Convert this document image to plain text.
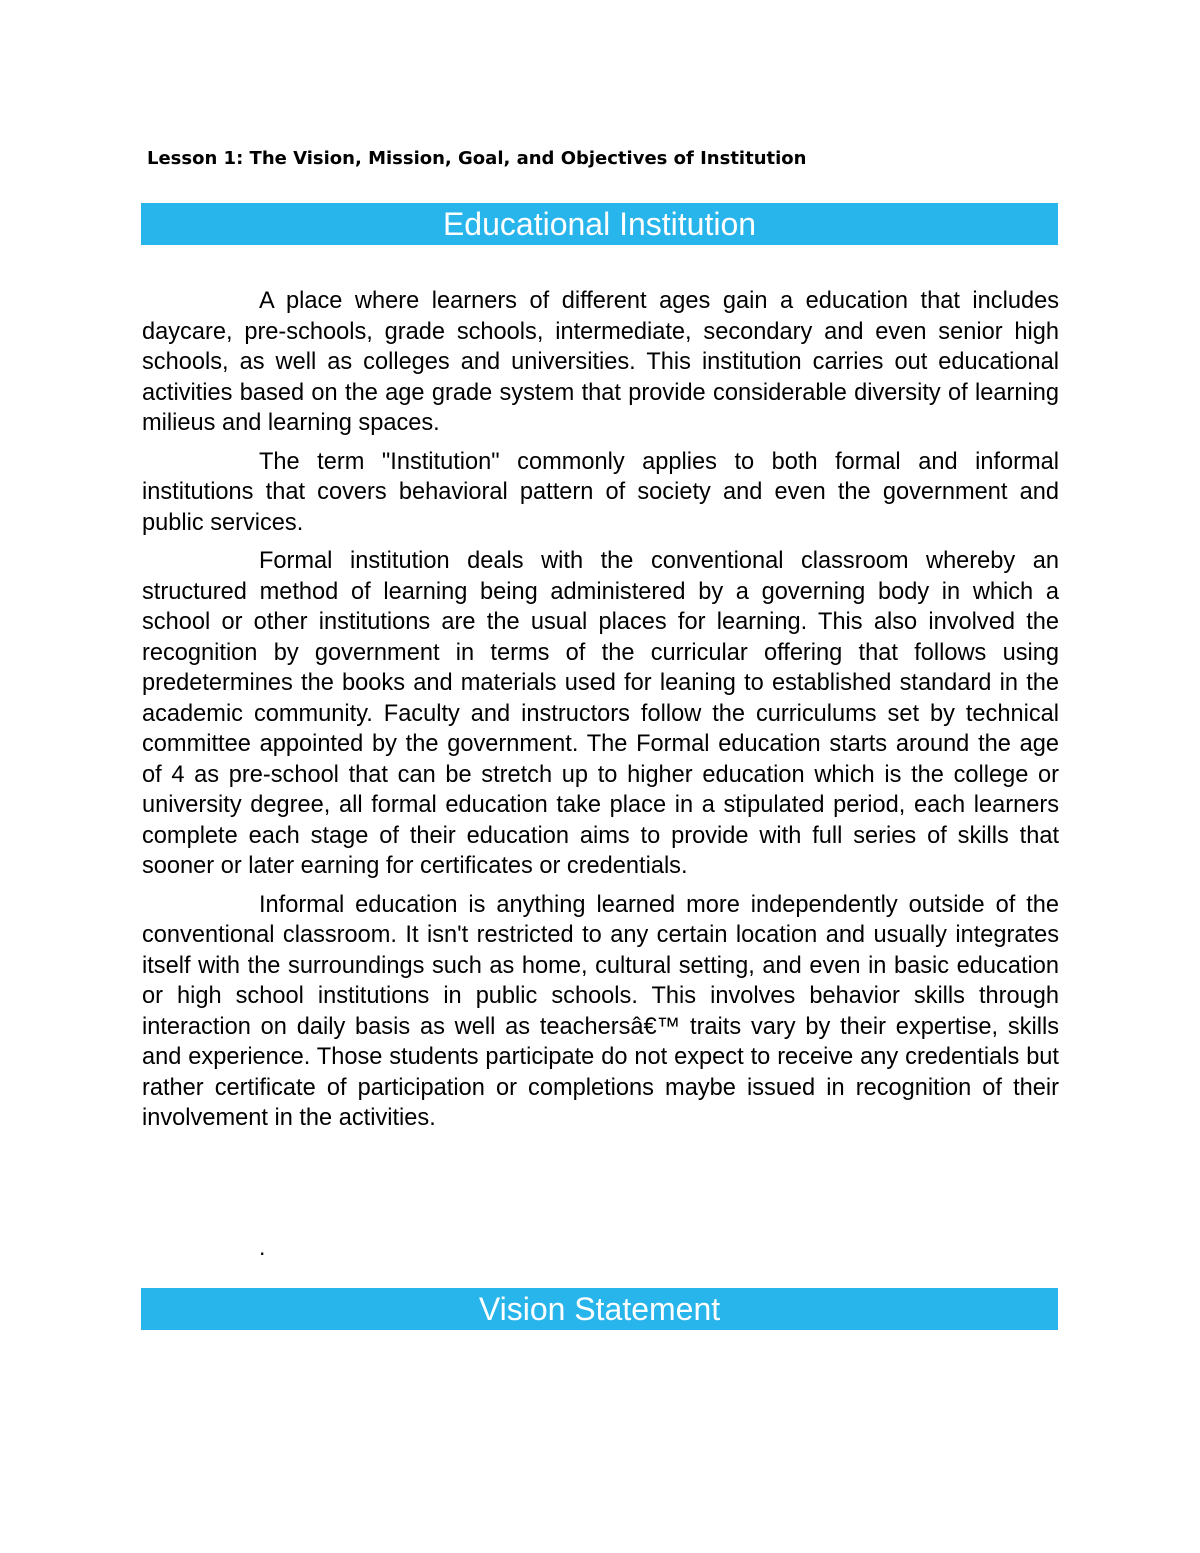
Lesson 1: The Vision, Mission, Goal, and Objectives of Institution
Educational Institution

A place where learners of different ages gain a education that includes daycare, pre-schools, grade schools, intermediate, secondary and even senior high schools, as well as colleges and universities. This institution carries out educational activities based on the age grade system that provide considerable diversity of learning milieus and learning spaces.

The term "Institution" commonly applies to both formal and informal institutions that covers behavioral pattern of society and even the government and public services.

Formal institution deals with the conventional classroom whereby an structured method of learning being administered by a governing body in which a school or other institutions are the usual places for learning. This also involved the recognition by government in terms of the curricular offering that follows using predetermines the books and materials used for leaning to established standard in the academic community. Faculty and instructors follow the curriculums set by technical committee appointed by the government. The Formal education starts around the age of 4 as pre-school that can be stretch up to higher education which is the college or university degree, all formal education take place in a stipulated period, each learners complete each stage of their education aims to provide with full series of skills that sooner or later earning for certificates or credentials.

Informal education is anything learned more independently outside of the conventional classroom. It isn't restricted to any certain location and usually integrates itself with the surroundings such as home, cultural setting, and even in basic education or high school institutions in public schools. This involves behavior skills through interaction on daily basis as well as teachersâ€™ traits vary by their expertise, skills and experience. Those students participate do not expect to receive any credentials but rather certificate of participation or completions maybe issued in recognition of their involvement in the activities.

.
Vision Statement
